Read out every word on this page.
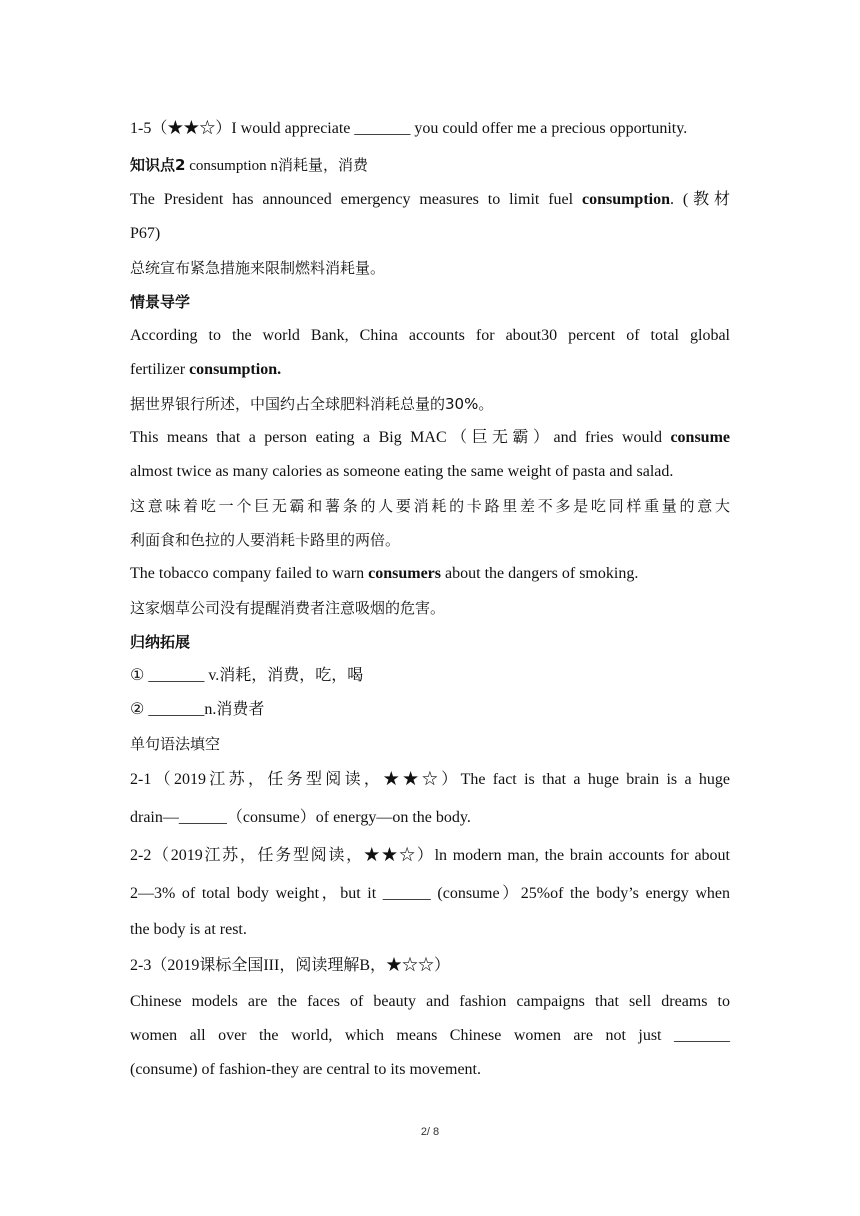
1-5（★★☆）I would appreciate _______ you could offer me a precious opportunity.
知识点2 consumption n消耗量，消费
The President has announced emergency measures to limit fuel consumption. (教材
P67)
总统宣布紧急措施来限制燃料消耗量。
情景导学
According to the world Bank, China accounts for about30 percent of total global
fertilizer consumption.
据世界银行所述，中国约占全球肥料消耗总量的30%。
This means that a person eating a Big MAC（巨无霸）and fries would consume
almost twice as many calories as someone eating the same weight of pasta and salad.
这意味着吃一个巨无霸和薯条的人要消耗的卡路里差不多是吃同样重量的意大
利面食和色拉的人要消耗卡路里的两倍。
The tobacco company failed to warn consumers about the dangers of smoking.
这家烟草公司没有提醒消费者注意吸烟的危害。
归纳拓展
① _______ v.消耗，消费，吃，喝
② _______n.消费者
单句语法填空
2-1（2019江苏，任务型阅读，★★☆）The fact is that a huge brain is a huge
drain—______（consume）of energy—on the body.
2-2（2019江苏，任务型阅读，★★☆）ln modern man, the brain accounts for about
2—3% of total body weight，but it ______ (consume）25%of the body’s energy when
the body is at rest.
2-3（2019课标全国III，阅读理解B，★☆☆）
Chinese models are the faces of beauty and fashion campaigns that sell dreams to
women all over the world, which means Chinese women are not just _______
(consume) of fashion-they are central to its movement.
2/ 8
